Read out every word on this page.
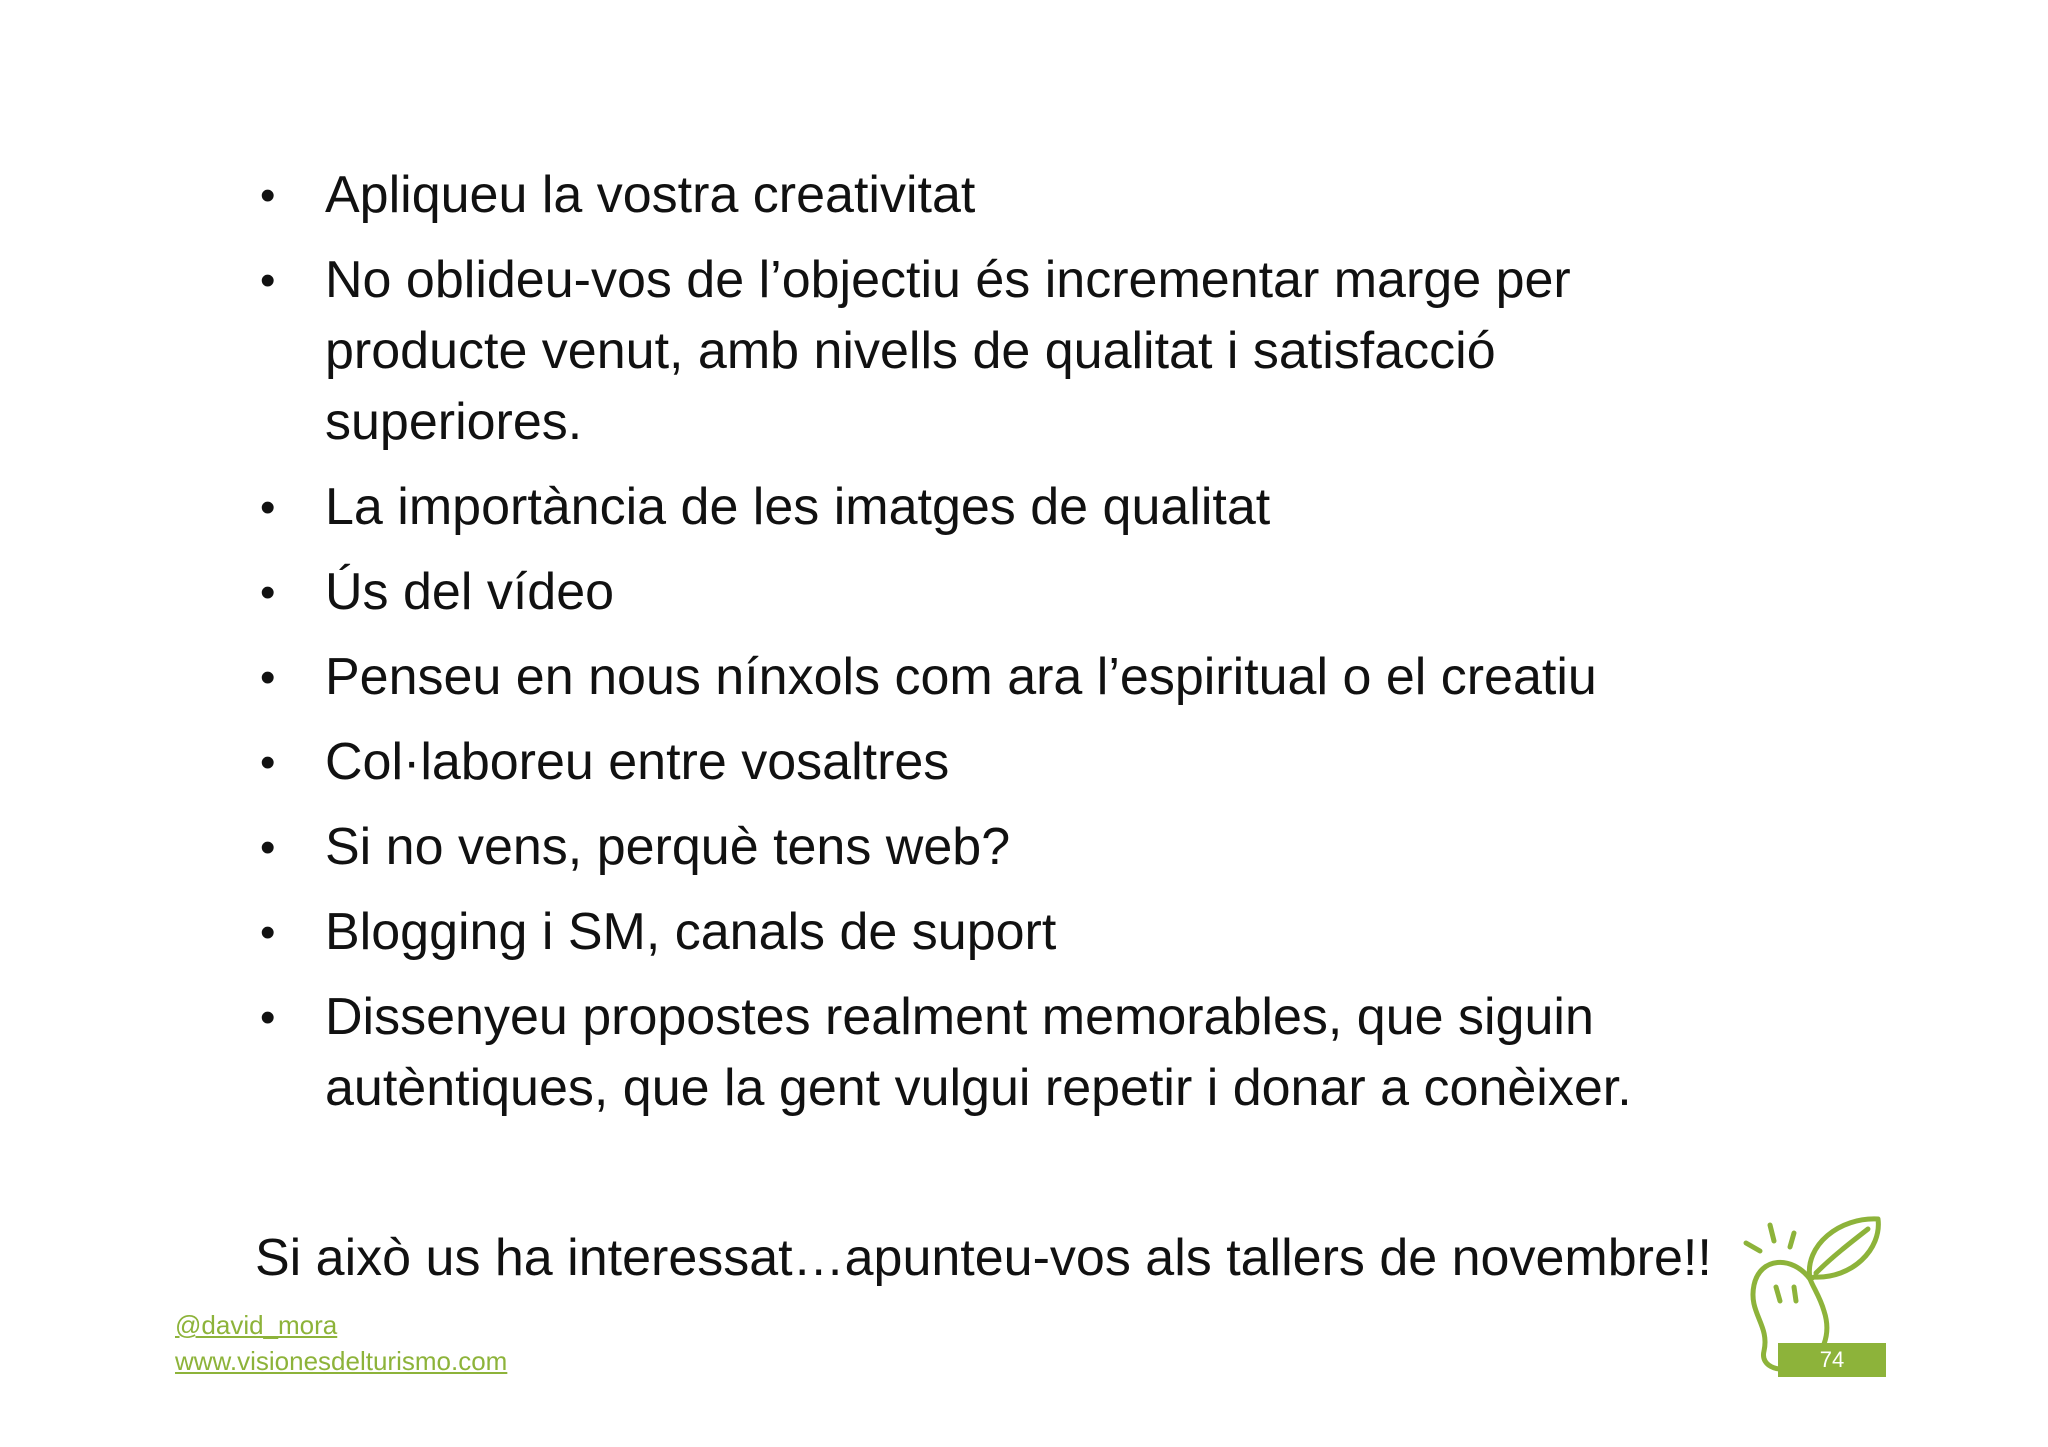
• Apliqueu la vostra creativitat
• No oblideu-vos de l’objectiu és incrementar marge per producte venut, amb nivells de qualitat i satisfacció superiores.
• La importància de les imatges de qualitat
• Ús del vídeo
• Penseu en nous nínxols com ara l’espiritual o el creatiu
• Col·laboreu entre vosaltres
• Si no vens, perquè tens web?
• Blogging i SM, canals de suport
• Dissenyeu propostes realment memorables, que siguin autèntiques, que la gent vulgui repetir i donar a conèixer.
Si això us ha interessat…apunteu-vos als tallers de novembre!!
@david_mora
www.visionesdelturismo.com	74
